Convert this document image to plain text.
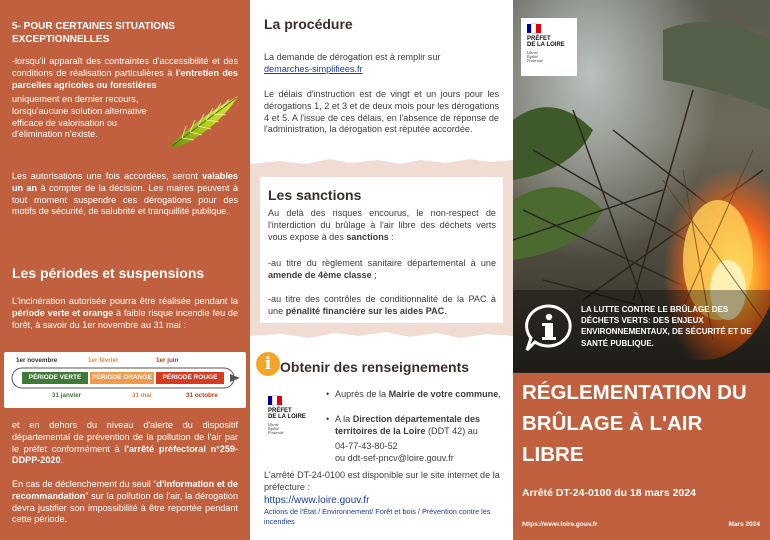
5- POUR CERTAINES SITUATIONS EXCEPTIONNELLES
-lorsqu'il apparaît des contraintes d'accessibilité et des conditions de réalisation particulières à l'entretien des parcelles agricoles ou forestières
uniquement en dernier recours, lorsqu'aucune solution alternative efficace de valorisation ou d'élimination n'existe.
Les autorisations une fois accordées, seront valables un an à compter de la décision. Les maires peuvent à tout moment suspendre ces dérogations pour des motifs de sécurité, de salubrité et tranquillité publique.
Les périodes et suspensions
L'incinération autorisée pourra être réalisée pendant la période verte et orange à faible risque incendie feu de forêt, à savoir du 1er novembre au 31 mai :
1er novembre	1er février	1er juin
PÉRIODE VERTE	PÉRIODE ORANGE	PÉRIODE ROUGE
31 janvier	31 mai	31 octobre
et en dehors du niveau d'alerte du dispositif départemental de prévention de la pollution de l'air par le préfet conformément à l'arrêté préfectoral n°259-DDPP-2020.
En cas de déclenchement du seuil “d'information et de recommandation” sur la pollution de l'air, la dérogation devra justifier son impossibilité à être reportée pendant cette période.
La procédure
La demande de dérogation est à remplir sur
demarches-simplifiees.fr
Le délais d'instruction est de vingt et un jours pour les dérogations 1, 2 et 3 et de deux mois pour les dérogations 4 et 5. A l'issue de ces délais, en l'absence de réponse de l'administration, la dérogation est réputée accordée.
Les sanctions
Au delà des risques encourus, le non-respect de l'interdiction du brûlage à l'air libre des déchets verts vous expose à des sanctions :
-au titre du règlement sanitaire départemental à une amende de 4ème classe ;
-au titre des contrôles de conditionnalité de la PAC à une pénalité financière sur les aides PAC.
i Obtenir des renseignements
PRÉFET
DE LA LOIRE
Liberté
Égalité
Fraternité
• Auprès de la Mairie de votre commune,
• A la Direction départementale des territoires de la Loire (DDT 42) au
04-77-43-80-52
ou ddt-sef-pncv@loire.gouv.fr
L'arrêté DT-24-0100 est disponible sur le site internet de la préfecture :
https://www.loire.gouv.fr
Actions de l'État / Environnement/ Forêt et bois / Prévention contre les incendies
PRÉFET
DE LA LOIRE
Liberté
Égalité
Fraternité
LA LUTTE CONTRE LE BRÛLAGE DES DÉCHETS VERTS: DES ENJEUX ENVIRONNEMENTAUX, DE SÉCURITÉ ET DE SANTÉ PUBLIQUE.
RÉGLEMENTATION DU BRÛLAGE À L'AIR LIBRE
Arrêté DT-24-0100 du 18 mars 2024
https://www.loire.gouv.fr	Mars 2024
